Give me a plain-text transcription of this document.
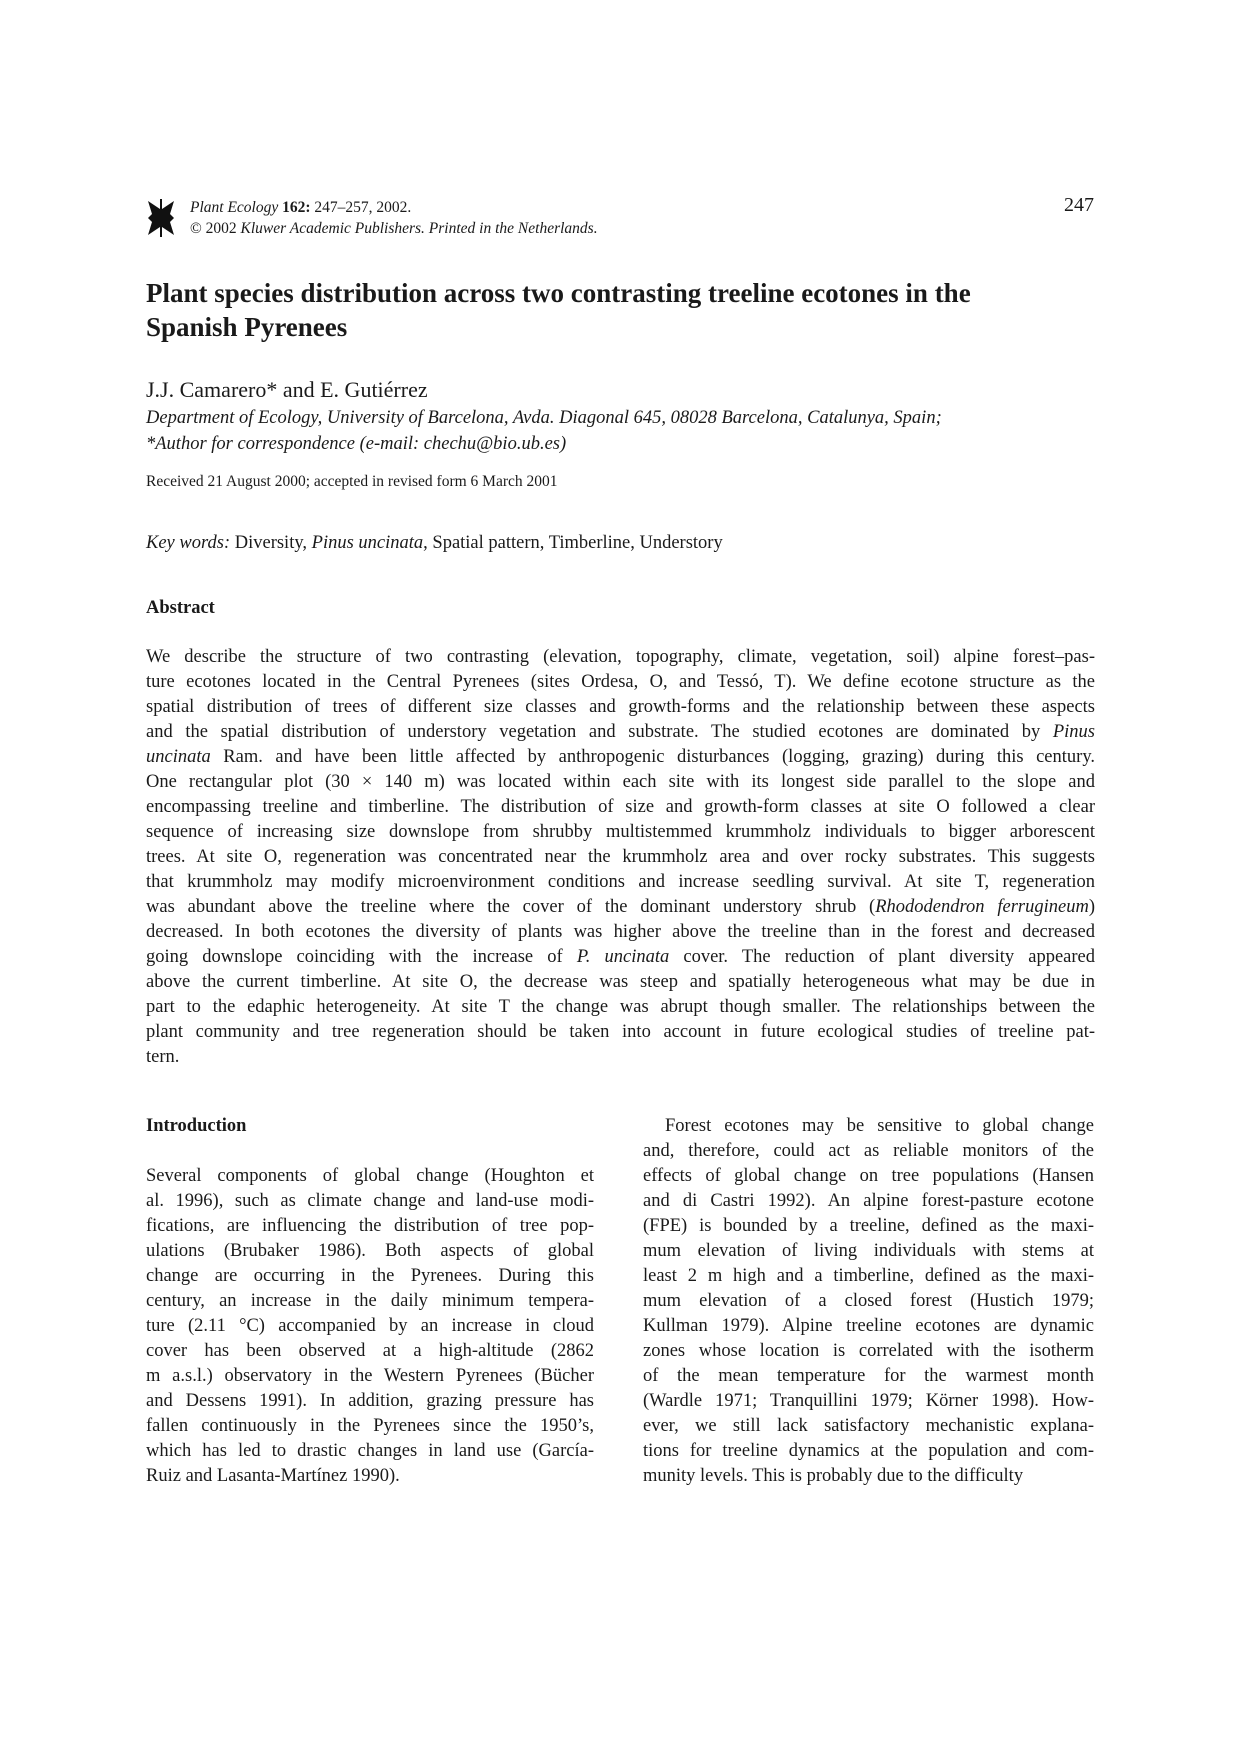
Plant Ecology 162: 247–257, 2002.
© 2002 Kluwer Academic Publishers. Printed in the Netherlands.
247
Plant species distribution across two contrasting treeline ecotones in the
Spanish Pyrenees
J.J. Camarero* and E. Gutiérrez
Department of Ecology, University of Barcelona, Avda. Diagonal 645, 08028 Barcelona, Catalunya, Spain;
*Author for correspondence (e-mail: chechu@bio.ub.es)
Received 21 August 2000; accepted in revised form 6 March 2001
Key words: Diversity, Pinus uncinata, Spatial pattern, Timberline, Understory
Abstract
We describe the structure of two contrasting (elevation, topography, climate, vegetation, soil) alpine forest–pas-
ture ecotones located in the Central Pyrenees (sites Ordesa, O, and Tessó, T). We define ecotone structure as the
spatial distribution of trees of different size classes and growth-forms and the relationship between these aspects
and the spatial distribution of understory vegetation and substrate. The studied ecotones are dominated by Pinus
uncinata Ram. and have been little affected by anthropogenic disturbances (logging, grazing) during this century.
One rectangular plot (30 × 140 m) was located within each site with its longest side parallel to the slope and
encompassing treeline and timberline. The distribution of size and growth-form classes at site O followed a clear
sequence of increasing size downslope from shrubby multistemmed krummholz individuals to bigger arborescent
trees. At site O, regeneration was concentrated near the krummholz area and over rocky substrates. This suggests
that krummholz may modify microenvironment conditions and increase seedling survival. At site T, regeneration
was abundant above the treeline where the cover of the dominant understory shrub (Rhododendron ferrugineum)
decreased. In both ecotones the diversity of plants was higher above the treeline than in the forest and decreased
going downslope coinciding with the increase of P. uncinata cover. The reduction of plant diversity appeared
above the current timberline. At site O, the decrease was steep and spatially heterogeneous what may be due in
part to the edaphic heterogeneity. At site T the change was abrupt though smaller. The relationships between the
plant community and tree regeneration should be taken into account in future ecological studies of treeline pat-
tern.
Introduction
Several components of global change (Houghton et
al. 1996), such as climate change and land-use modi-
fications, are influencing the distribution of tree pop-
ulations (Brubaker 1986). Both aspects of global
change are occurring in the Pyrenees. During this
century, an increase in the daily minimum tempera-
ture (2.11 °C) accompanied by an increase in cloud
cover has been observed at a high-altitude (2862
m a.s.l.) observatory in the Western Pyrenees (Bücher
and Dessens 1991). In addition, grazing pressure has
fallen continuously in the Pyrenees since the 1950’s,
which has led to drastic changes in land use (García-
Ruiz and Lasanta-Martínez 1990).
Forest ecotones may be sensitive to global change
and, therefore, could act as reliable monitors of the
effects of global change on tree populations (Hansen
and di Castri 1992). An alpine forest-pasture ecotone
(FPE) is bounded by a treeline, defined as the maxi-
mum elevation of living individuals with stems at
least 2 m high and a timberline, defined as the maxi-
mum elevation of a closed forest (Hustich 1979;
Kullman 1979). Alpine treeline ecotones are dynamic
zones whose location is correlated with the isotherm
of the mean temperature for the warmest month
(Wardle 1971; Tranquillini 1979; Körner 1998). How-
ever, we still lack satisfactory mechanistic explana-
tions for treeline dynamics at the population and com-
munity levels. This is probably due to the difficulty
